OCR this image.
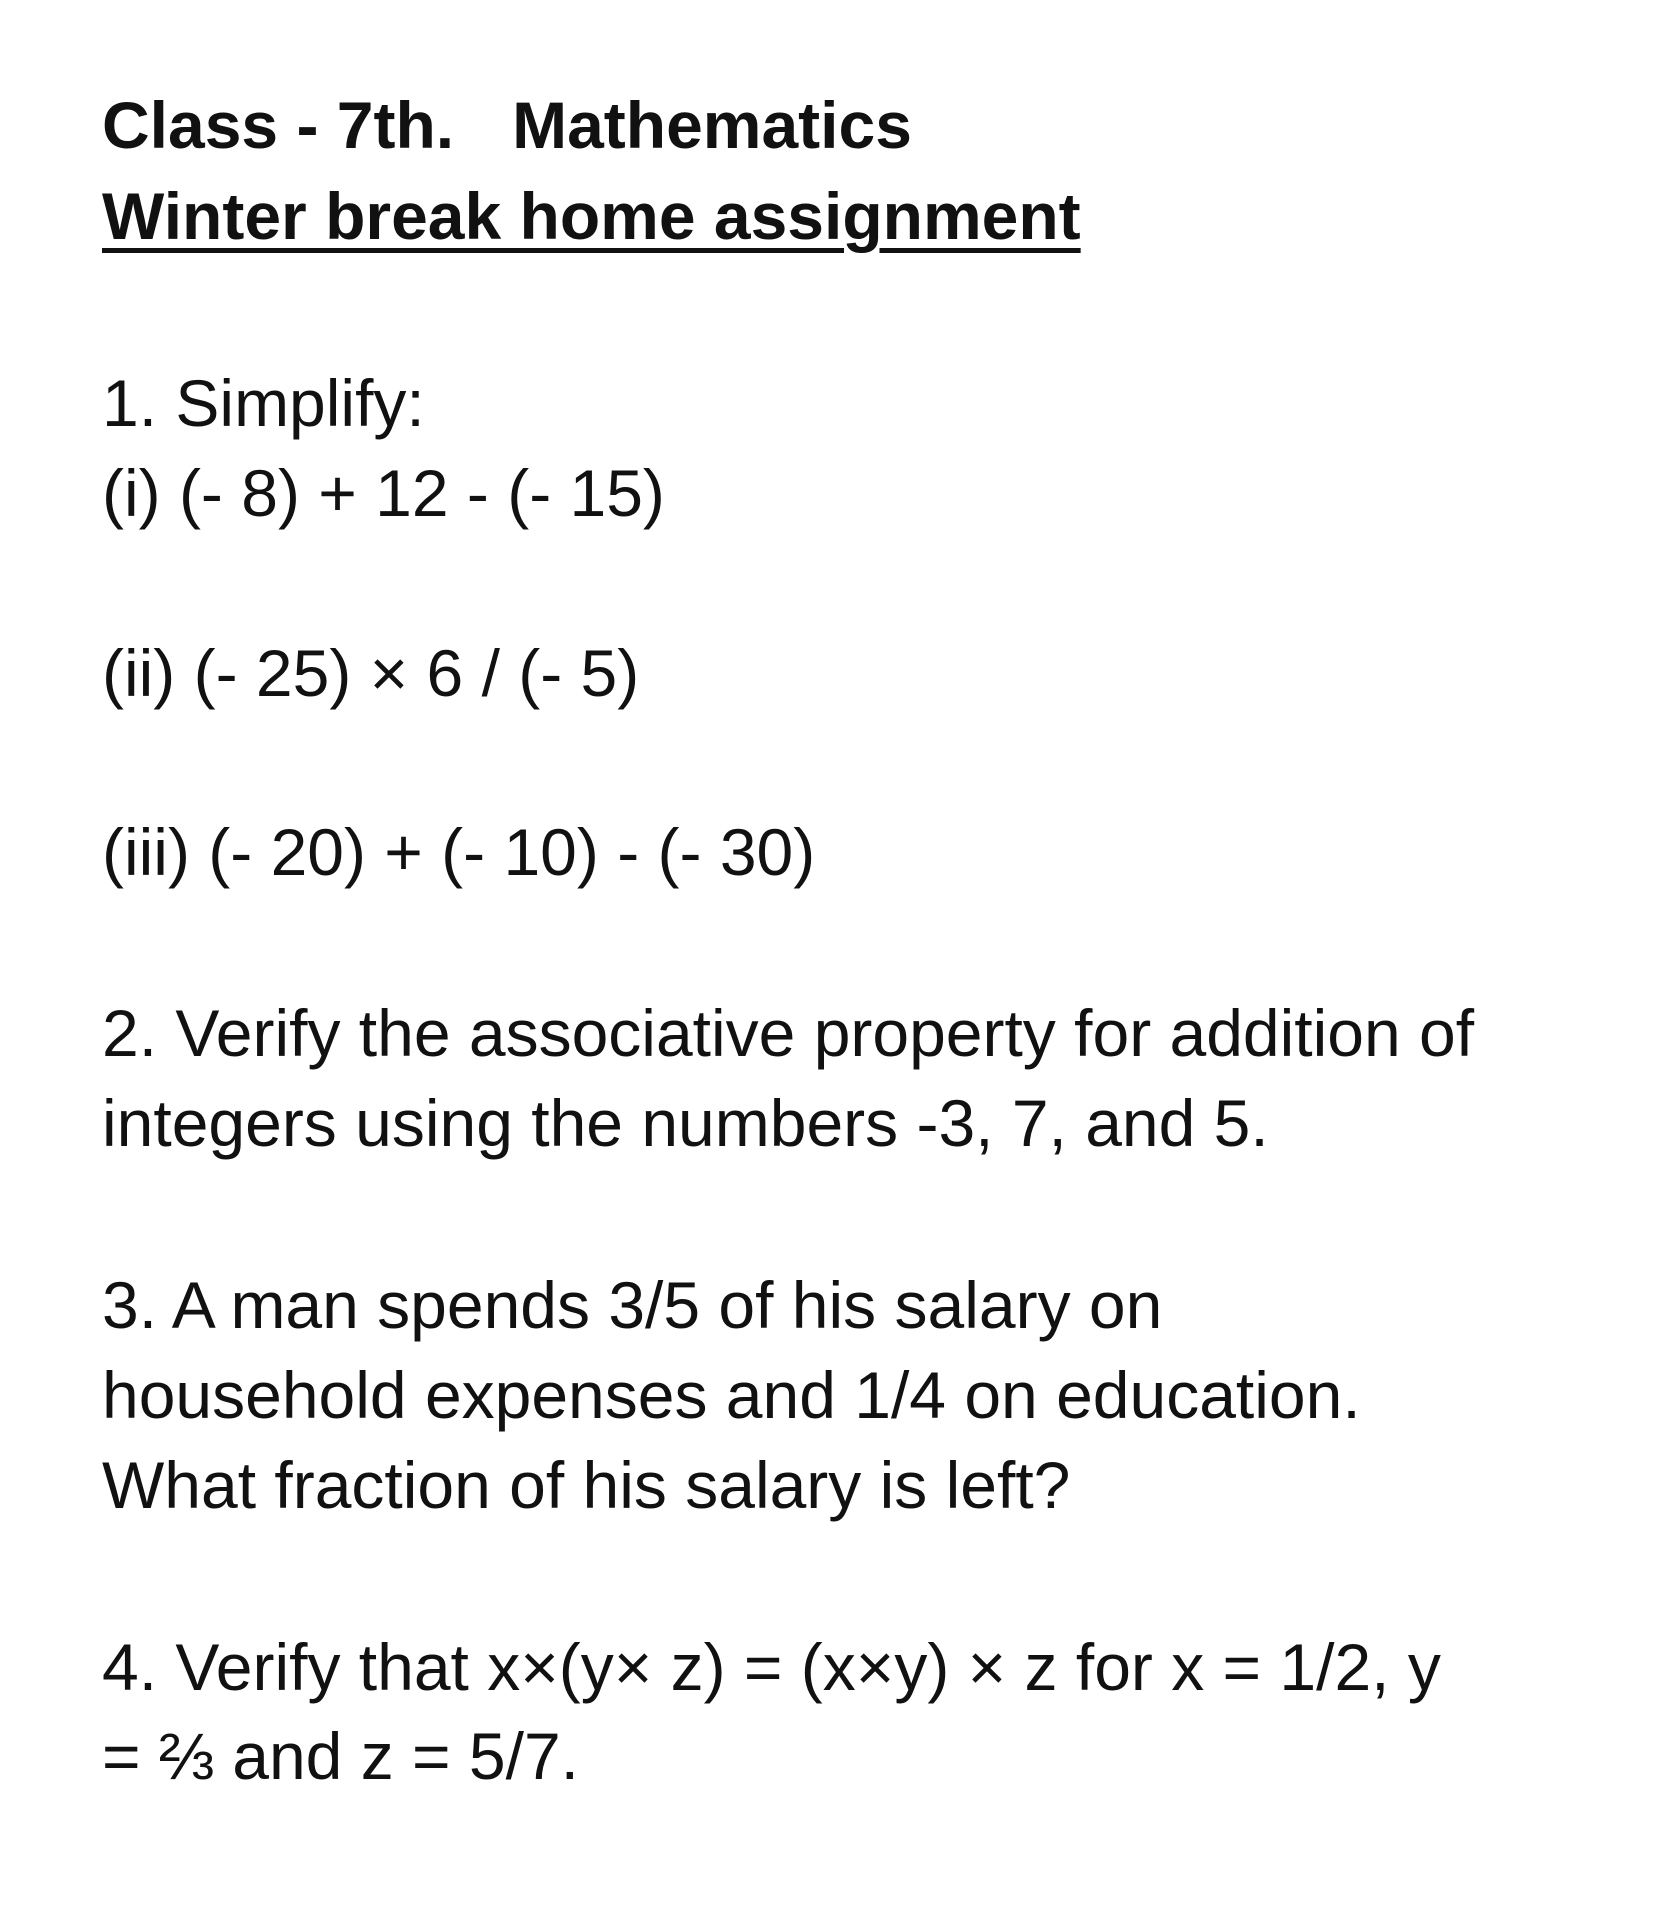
Class - 7th. Mathematics

Winter break home assignment

1. Simplify:

(i) (- 8) + 12 - (- 15)

(ii) (- 25) × 6 / (- 5)

(iii) (- 20) + (- 10) - (- 30)

2. Verify the associative property for addition of

integers using the numbers -3, 7, and 5.

3. A man spends 3/5 of his salary on

household expenses and 1/4 on education.

What fraction of his salary is left?

4. Verify that x×(y× z) = (x×y) × z for x = 1/2, y

= ⅔ and z = 5/7.
